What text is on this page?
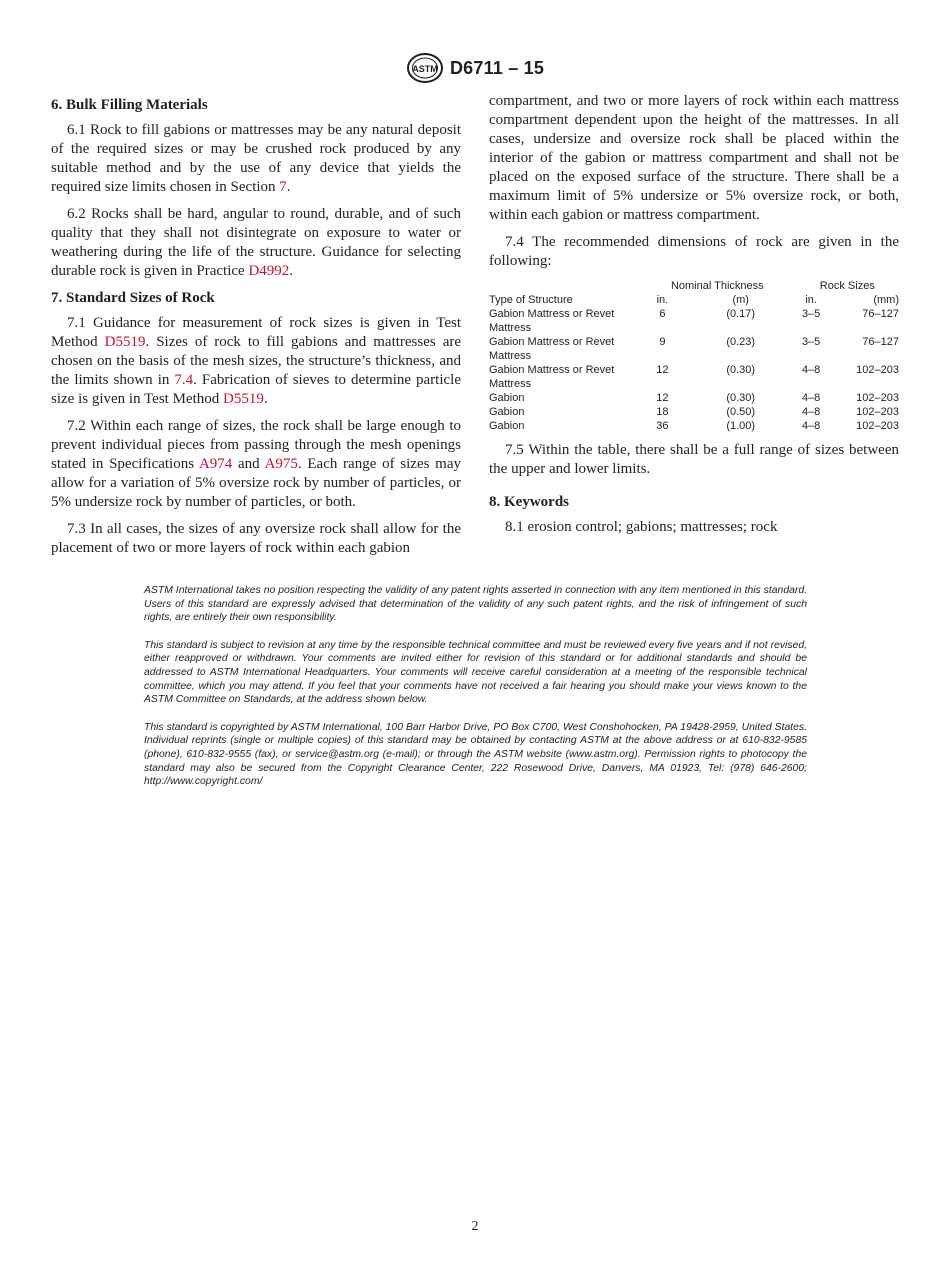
ASTM D6711 – 15
6. Bulk Filling Materials

6.1 Rock to fill gabions or mattresses may be any natural deposit of the required sizes or may be crushed rock produced by any suitable method and by the use of any device that yields the required size limits chosen in Section 7.

6.2 Rocks shall be hard, angular to round, durable, and of such quality that they shall not disintegrate on exposure to water or weathering during the life of the structure. Guidance for selecting durable rock is given in Practice D4992.

7. Standard Sizes of Rock

7.1 Guidance for measurement of rock sizes is given in Test Method D5519. Sizes of rock to fill gabions and mattresses are chosen on the basis of the mesh sizes, the structure’s thickness, and the limits shown in 7.4. Fabrication of sieves to determine particle size is given in Test Method D5519.

7.2 Within each range of sizes, the rock shall be large enough to prevent individual pieces from passing through the mesh openings stated in Specifications A974 and A975. Each range of sizes may allow for a variation of 5% oversize rock by number of particles, or 5% undersize rock by number of particles, or both.

7.3 In all cases, the sizes of any oversize rock shall allow for the placement of two or more layers of rock within each gabion

compartment, and two or more layers of rock within each mattress compartment dependent upon the height of the mattresses. In all cases, undersize and oversize rock shall be placed within the interior of the gabion or mattress compartment and shall not be placed on the exposed surface of the structure. There shall be a maximum limit of 5% undersize or 5% oversize rock, or both, within each gabion or mattress compartment.

7.4 The recommended dimensions of rock are given in the following:

	Nominal Thickness		Rock Sizes	
Type of Structure	in.	(m)	in.	(mm)
Gabion Mattress or Revet Mattress	6	(0.17)	3–5	76–127
Gabion Mattress or Revet Mattress	9	(0.23)	3–5	76–127
Gabion Mattress or Revet Mattress	12	(0.30)	4–8	102–203
Gabion	12	(0.30)	4–8	102–203
Gabion	18	(0.50)	4–8	102–203
Gabion	36	(1.00)	4–8	102–203

7.5 Within the table, there shall be a full range of sizes between the upper and lower limits.

8. Keywords

8.1 erosion control; gabions; mattresses; rock

ASTM International takes no position respecting the validity of any patent rights asserted in connection with any item mentioned in this standard. Users of this standard are expressly advised that determination of the validity of any such patent rights, and the risk of infringement of such rights, are entirely their own responsibility.

This standard is subject to revision at any time by the responsible technical committee and must be reviewed every five years and if not revised, either reapproved or withdrawn. Your comments are invited either for revision of this standard or for additional standards and should be addressed to ASTM International Headquarters. Your comments will receive careful consideration at a meeting of the responsible technical committee, which you may attend. If you feel that your comments have not received a fair hearing you should make your views known to the ASTM Committee on Standards, at the address shown below.

This standard is copyrighted by ASTM International, 100 Barr Harbor Drive, PO Box C700, West Conshohocken, PA 19428-2959, United States. Individual reprints (single or multiple copies) of this standard may be obtained by contacting ASTM at the above address or at 610-832-9585 (phone), 610-832-9555 (fax), or service@astm.org (e-mail); or through the ASTM website (www.astm.org). Permission rights to photocopy the standard may also be secured from the Copyright Clearance Center, 222 Rosewood Drive, Danvers, MA 01923, Tel: (978) 646-2600; http://www.copyright.com/

2
